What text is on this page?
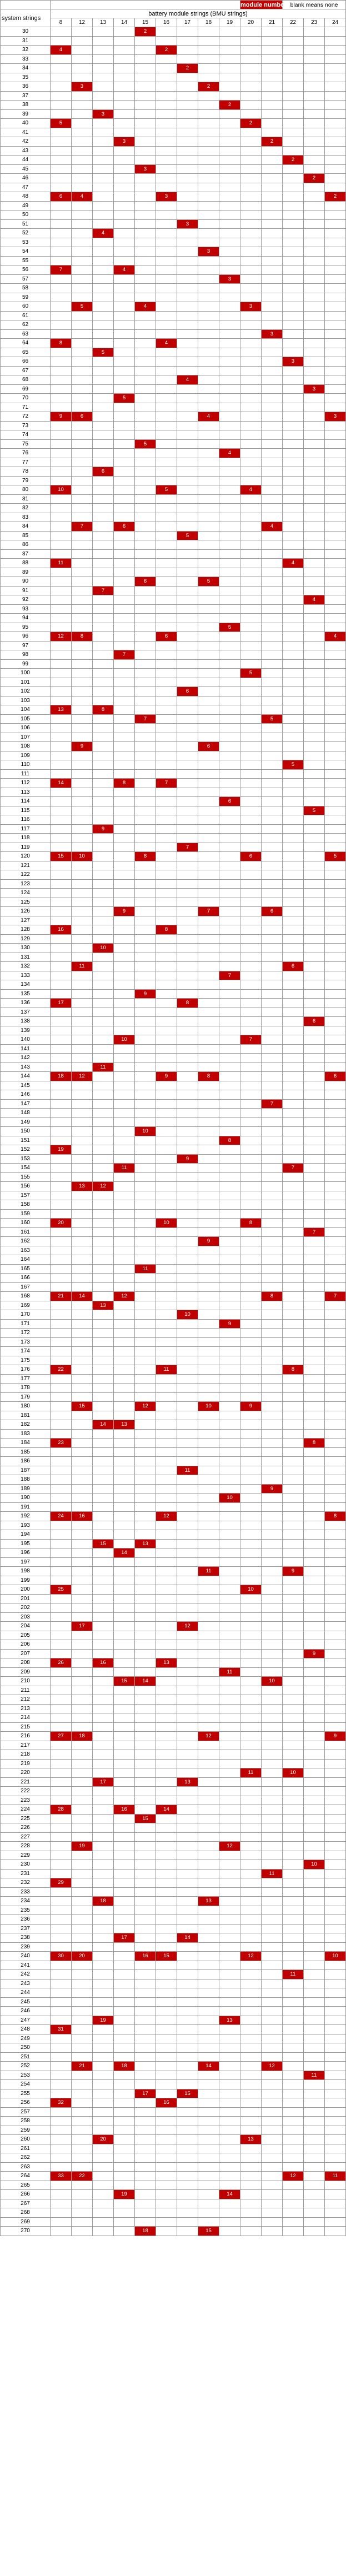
										module numbers		blank means none		
system strings	battery module strings (BMU strings)													
	8	12	13	14	15	16	17	18	19	20	21	22	23	24
30					2									
31														
32	4					2								
33														
34							2							
35														
36		3						2						
37														
38									2					
39			3											
40	5									2				
41														
42				3							2			
43														
44												2		
45					3									
46													2	
47														
48	6	4				3								2
49														
50														
51							3							
52			4											
53														
54								3						
55														
56	7			4										
57									3					
58														
59														
60		5			4					3				
61														
62														
63											3			
64	8					4								
65			5											
66												3		
67														
68							4							
69													3	
70				5										
71														
72	9	6						4						3
73														
74														
75					5									
76									4					
77														
78			6											
79														
80	10					5				4				
81														
82														
83														
84		7		6							4			
85							5							
86														
87														
88	11											4		
89														
90					6			5						
91			7											
92													4	
93														
94														
95									5					
96	12	8				6								4
97														
98				7										
99														
100										5				
101														
102							6							
103														
104	13		8											
105					7						5			
106														
107														
108		9						6						
109														
110												5		
111														
112	14			8		7								
113														
114									6					
115													5	
116														
117			9											
118														
119							7							
120	15	10			8					6				5
121														
122														
123														
124														
125														
126				9				7			6			
127														
128	16					8								
129														
130			10											
131														
132		11										6		
133									7					
134														
135					9									
136	17						8							
137														
138													6	
139														
140				10						7				
141														
142														
143			11											
144	18	12				9		8						6
145														
146														
147											7			
148														
149														
150					10									
151									8					
152	19													
153							9							
154				11								7		
155														
156		13	12											
157														
158														
159														
160	20					10				8				
161													7	
162								9						
163														
164														
165					11									
166														
167														
168	21	14		12							8			7
169			13											
170							10							
171									9					
172														
173														
174														
175														
176	22					11						8		
177														
178														
179														
180		15			12			10		9				
181														
182			14	13										
183														
184	23												8	
185														
186														
187							11							
188														
189											9			
190									10					
191														
192	24	16				12								8
193														
194														
195			15		13									
196				14										
197														
198								11				9		
199														
200	25									10				
201														
202														
203														
204		17					12							
205														
206														
207													9	
208	26		16			13								
209									11					
210				15	14						10			
211														
212														
213														
214														
215														
216	27	18						12						9
217														
218														
219														
220										11		10		
221			17				13							
222														
223														
224	28			16		14								
225					15									
226														
227														
228		19							12					
229														
230													10	
231											11			
232	29													
233														
234			18					13						
235														
236														
237														
238				17			14							
239														
240	30	20			16	15				12				10
241														
242												11		
243														
244														
245														
246														
247			19						13					
248	31													
249														
250														
251														
252		21		18				14			12			
253													11	
254														
255					17		15							
256	32					16								
257														
258														
259														
260			20							13				
261														
262														
263														
264	33	22										12		11
265														
266				19					14					
267														
268														
269														
270					18			15						
